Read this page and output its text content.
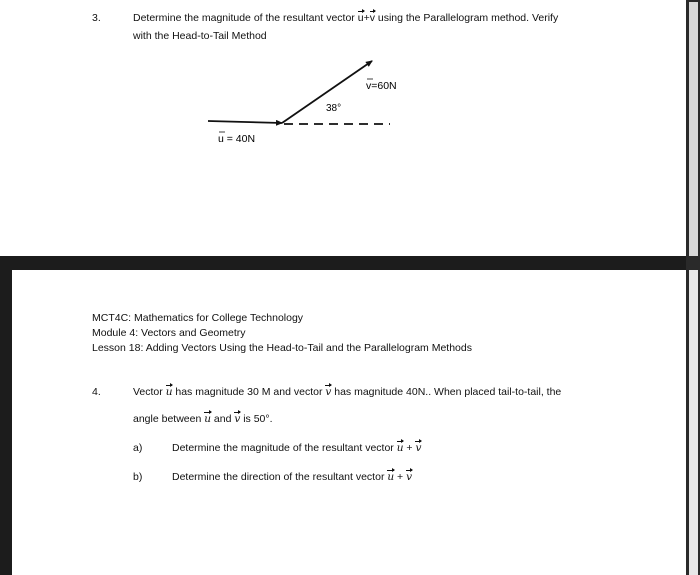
3.	Determine the magnitude of the resultant vector u+v using the Parallelogram method. Verify
with the Head-to-Tail Method
v=60N
38°
u = 40N
MCT4C: Mathematics for College Technology
Module 4: Vectors and Geometry
Lesson 18: Adding Vectors Using the Head-to-Tail and the Parallelogram Methods
4.	Vector u has magnitude 30 M and vector v has magnitude 40N.. When placed tail-to-tail, the
angle between u and v is 50°.
a)	Determine the magnitude of the resultant vector u + v
b)	Determine the direction of the resultant vector u + v
